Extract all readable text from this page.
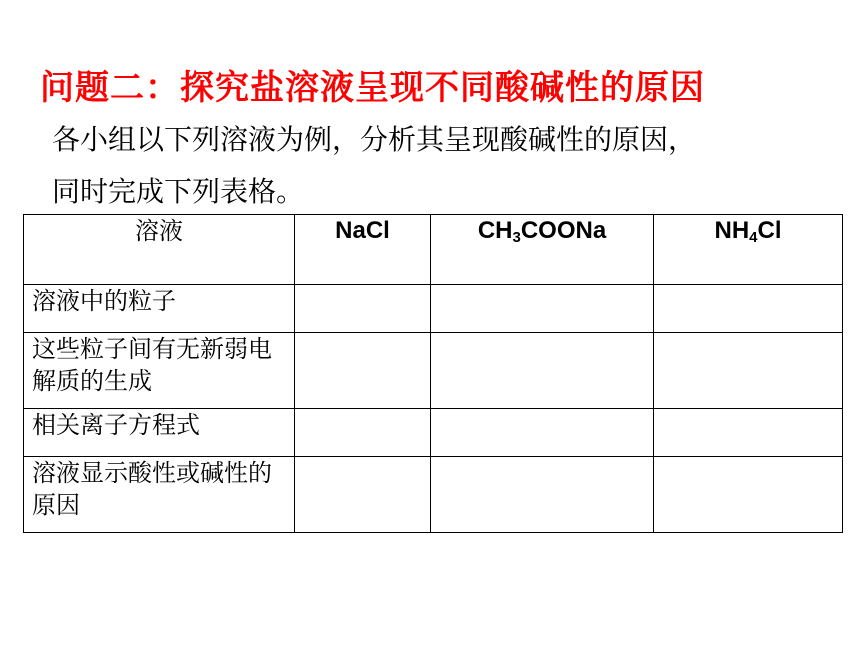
问题二：探究盐溶液呈现不同酸碱性的原因
各小组以下列溶液为例，分析其呈现酸碱性的原因，
同时完成下列表格。
溶液	NaCl	$CH_3COONa$	$NH_4Cl$
溶液中的粒子			
这些粒子间有无新弱电解质的生成			
相关离子方程式			
溶液显示酸性或碱性的原因			
